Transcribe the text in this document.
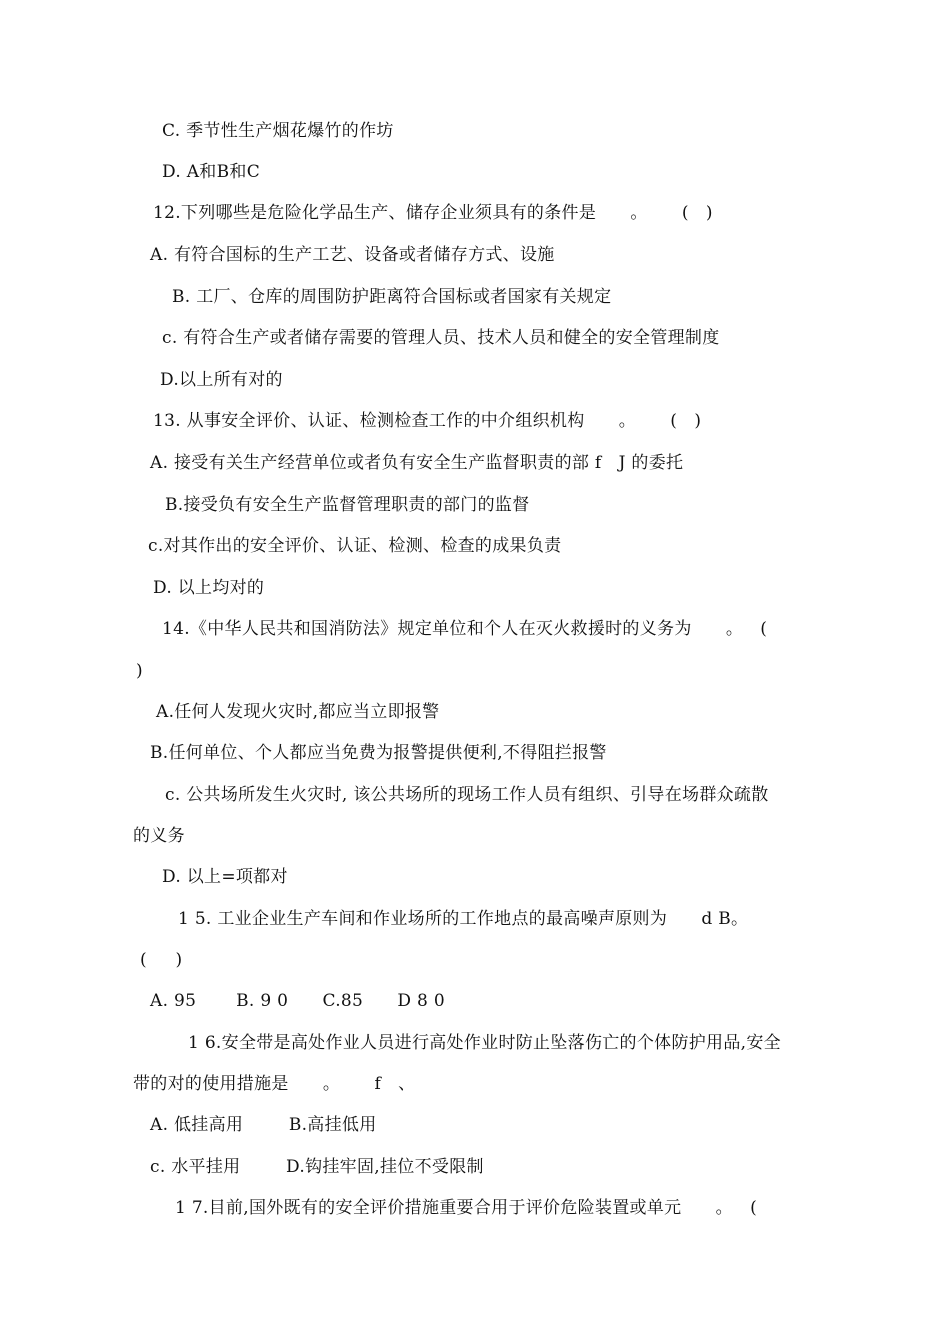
C. 季节性生产烟花爆竹的作坊
D. A和B和C
12.下列哪些是危险化学品生产、储存企业须具有的条件是      。      (   )
A. 有符合国标的生产工艺、设备或者储存方式、设施
B. 工厂、仓库的周围防护距离符合国标或者国家有关规定
c. 有符合生产或者储存需要的管理人员、技术人员和健全的安全管理制度
D.以上所有对的
13. 从事安全评价、认证、检测检查工作的中介组织机构      。      (   )
A. 接受有关生产经营单位或者负有安全生产监督职责的部 f   J 的委托
B.接受负有安全生产监督管理职责的部门的监督
c.对其作出的安全评价、认证、检测、检查的成果负责
D. 以上均对的
14.《中华人民共和国消防法》规定单位和个人在灭火救援时的义务为      。   (
)
A.任何人发现火灾时,都应当立即报警
B.任何单位、个人都应当免费为报警提供便利,不得阻拦报警
c. 公共场所发生火灾时, 该公共场所的现场工作人员有组织、引导在场群众疏散
的义务
D. 以上=项都对
1 5. 工业企业生产车间和作业场所的工作地点的最高噪声原则为      d B。
(     )
A. 95       B. 9 0      C.85      D 8 0
1 6.安全带是高处作业人员进行高处作业时防止坠落伤亡的个体防护用品,安全
带的对的使用措施是      。      f   、
A. 低挂高用        B.高挂低用
c. 水平挂用        D.钩挂牢固,挂位不受限制
1 7.目前,国外既有的安全评价措施重要合用于评价危险装置或单元      。   (
